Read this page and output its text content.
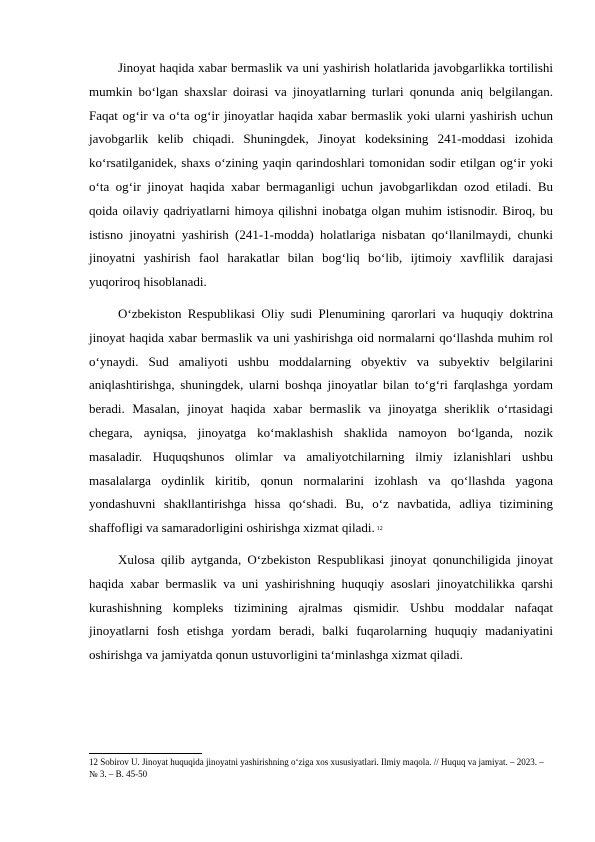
Jinoyat haqida xabar bermaslik va uni yashirish holatlarida javobgarlikka tortilishi mumkin boʻlgan shaxslar doirasi va jinoyatlarning turlari qonunda aniq belgilangan. Faqat ogʻir va oʻta ogʻir jinoyatlar haqida xabar bermaslik yoki ularni yashirish uchun javobgarlik kelib chiqadi. Shuningdek, Jinoyat kodeksining 241-moddasi izohida koʻrsatilganidek, shaxs oʻzining yaqin qarindoshlari tomonidan sodir etilgan ogʻir yoki oʻta ogʻir jinoyat haqida xabar bermaganligi uchun javobgarlikdan ozod etiladi. Bu qoida oilaviy qadriyatlarni himoya qilishni inobatga olgan muhim istisnodir. Biroq, bu istisno jinoyatni yashirish (241-1-modda) holatlariga nisbatan qoʻllanilmaydi, chunki jinoyatni yashirish faol harakatlar bilan bogʻliq boʻlib, ijtimoiy xavflilik darajasi yuqoriroq hisoblanadi.

Oʻzbekiston Respublikasi Oliy sudi Plenumining qarorlari va huquqiy doktrina jinoyat haqida xabar bermaslik va uni yashirishga oid normalarni qoʻllashda muhim rol oʻynaydi. Sud amaliyoti ushbu moddalarning obyektiv va subyektiv belgilarini aniqlashtirishga, shuningdek, ularni boshqa jinoyatlar bilan toʻgʻri farqlashga yordam beradi. Masalan, jinoyat haqida xabar bermaslik va jinoyatga sheriklik oʻrtasidagi chegara, ayniqsa, jinoyatga koʻmaklashish shaklida namoyon boʻlganda, nozik masaladir. Huquqshunos olimlar va amaliyotchilarning ilmiy izlanishlari ushbu masalalarga oydinlik kiritib, qonun normalarini izohlash va qoʻllashda yagona yondashuvni shakllantirishga hissa qoʻshadi. Bu, oʻz navbatida, adliya tizimining shaffofligi va samaradorligini oshirishga xizmat qiladi. $^{12}$

Xulosa qilib aytganda, Oʻzbekiston Respublikasi jinoyat qonunchiligida jinoyat haqida xabar bermaslik va uni yashirishning huquqiy asoslari jinoyatchilikka qarshi kurashishning kompleks tizimining ajralmas qismidir. Ushbu moddalar nafaqat jinoyatlarni fosh etishga yordam beradi, balki fuqarolarning huquqiy madaniyatini oshirishga va jamiyatda qonun ustuvorligini taʻminlashga xizmat qiladi.

12 Sobirov U. Jinoyat huquqida jinoyatni yashirishning oʻziga xos xususiyatlari. Ilmiy maqola. // Huquq va jamiyat. – 2023. – № 3. – B. 45-50
